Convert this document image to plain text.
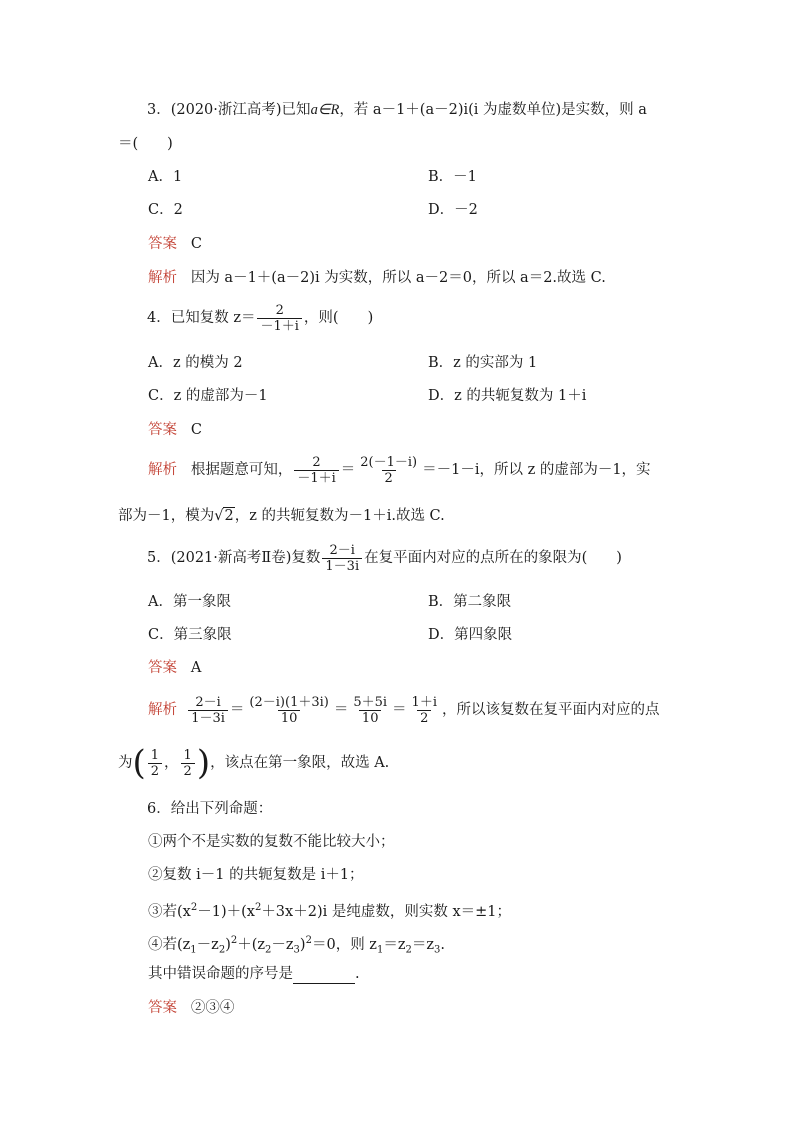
3．(2020·浙江高考)已知a∈R，若 a－1＋(a－2)i(i 为虚数单位)是实数，则 a
＝(　　)
A．1	B．－1
C．2	D．－2
答案 C
解析 因为 a－1＋(a－2)i 为实数，所以 a－2＝0，所以 a＝2.故选 C.
4．已知复数 $z= \frac{2}{-1+i}$ ，则(　　)
A．z 的模为 2	B．z 的实部为 1
C．z 的虚部为－1	D．z 的共轭复数为 1＋i
答案 C
解析 根据题意可知， $\frac{2}{-1+i} = \frac{2(-1-i)}{2} =-1-i$，所以 z 的虚部为－1，实
部为－1，模为√2，z 的共轭复数为－1＋i.故选 C.
5．(2021·新高考Ⅱ卷)复数 $\frac{2-i}{1-3i}$ 在复平面内对应的点所在的象限为(　　)
A．第一象限	B．第二象限
C．第三象限	D．第四象限
答案 A
解析 $\frac{2-i}{1-3i} = \frac{(2-i)(1+3i)}{10} = \frac{5+5i}{10} = \frac{1+i}{2}$ ，所以该复数在复平面内对应的点
为( $\frac{1}{2}$ ， $\frac{1}{2}$ )，该点在第一象限，故选 A.
6．给出下列命题：
①两个不是实数的复数不能比较大小；
②复数 i－1 的共轭复数是 i＋1；
③若$(x^2-1)+(x^2+3x+2)i$ 是纯虚数，则实数 x＝±1；
④若$(z_1-z_2)^2+(z_2-z_3)^2=0$，则 $z_1=z_2=z_3$.
其中错误命题的序号是	.
答案 ②③④
